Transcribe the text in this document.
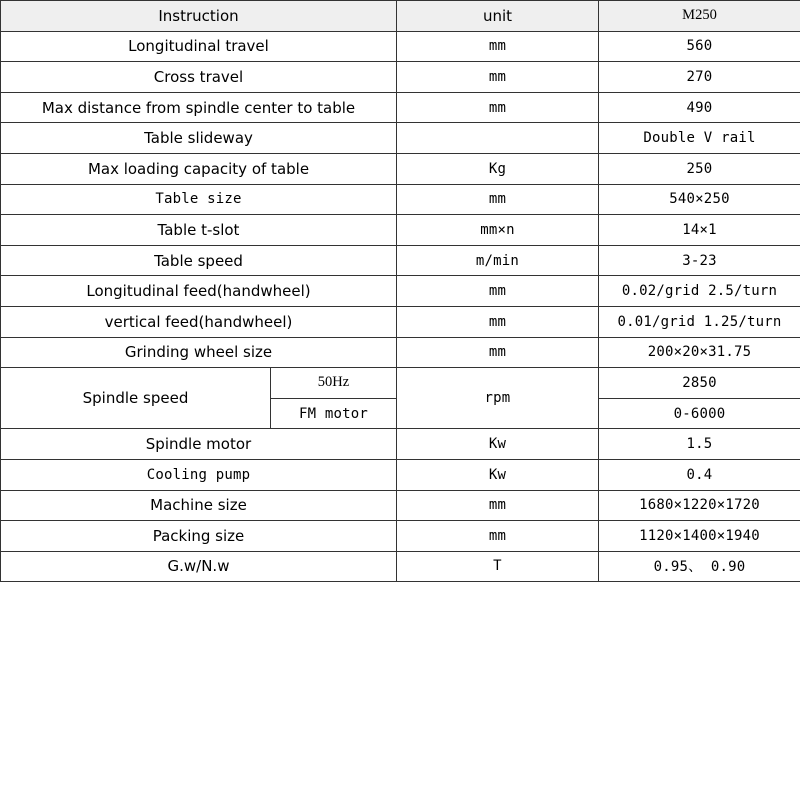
Instruction		unit	M250
Longitudinal travel		mm	560
Cross travel		mm	270
Max distance from spindle center to table		mm	490
Table slideway			Double V rail
Max loading capacity of table		Kg	250
Table size		mm	540×250
Table t-slot		mm×n	14×1
Table speed		m/min	3-23
Longitudinal feed(handwheel)		mm	0.02/grid 2.5/turn
vertical feed(handwheel)		mm	0.01/grid 1.25/turn
Grinding wheel size		mm	200×20×31.75
Spindle speed	50Hz	rpm	2850
	FM motor		0-6000
Spindle motor		Kw	1.5
Cooling pump		Kw	0.4
Machine size		mm	1680×1220×1720
Packing size		mm	1120×1400×1940
G.w/N.w		T	0.95、 0.90
